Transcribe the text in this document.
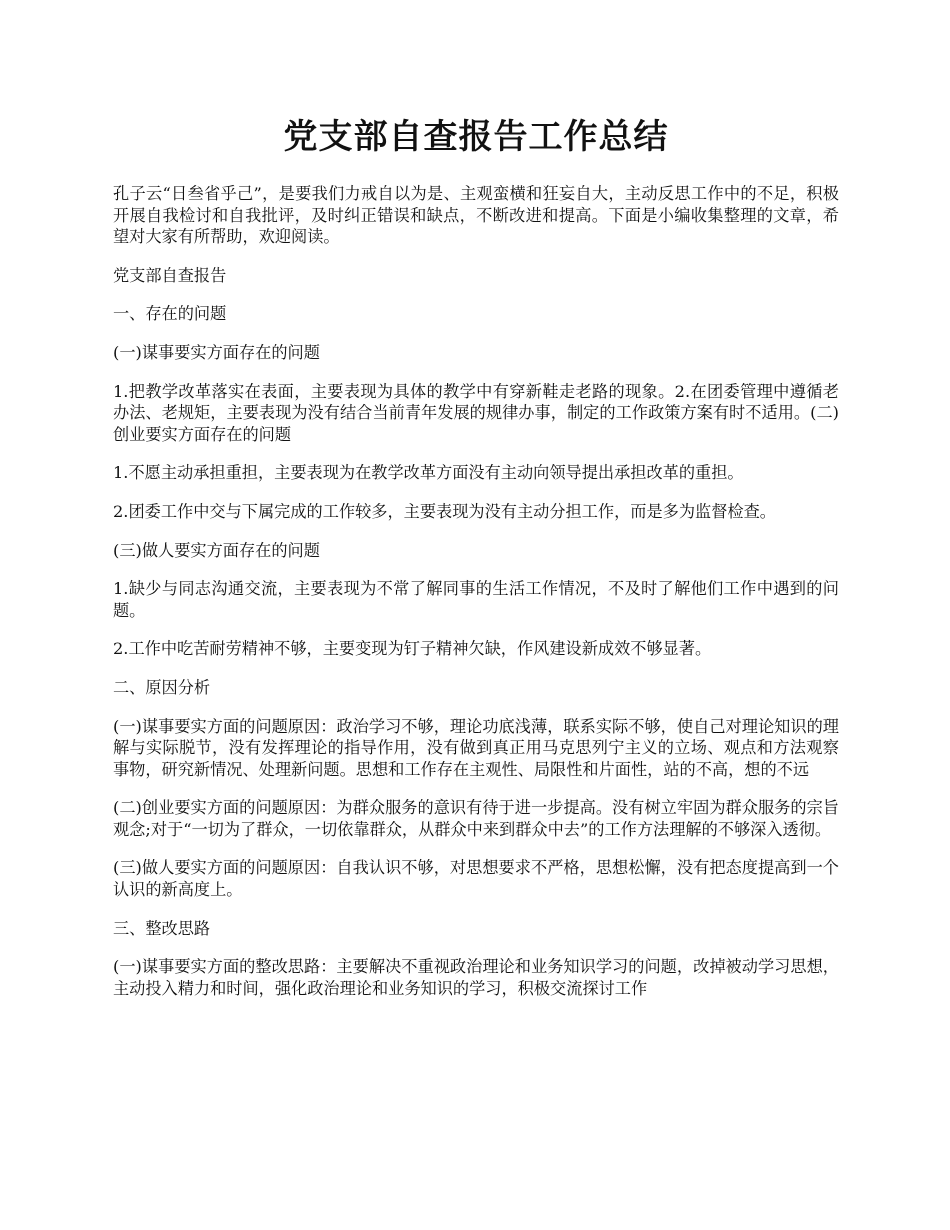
党支部自查报告工作总结

孔子云“日叁省乎己”，是要我们力戒自以为是、主观蛮横和狂妄自大，主动反思工作中的不足，积极开展自我检讨和自我批评，及时纠正错误和缺点，不断改进和提高。下面是小编收集整理的文章，希望对大家有所帮助，欢迎阅读。

党支部自查报告

一、存在的问题

(一)谋事要实方面存在的问题

1.把教学改革落实在表面，主要表现为具体的教学中有穿新鞋走老路的现象。2.在团委管理中遵循老办法、老规矩，主要表现为没有结合当前青年发展的规律办事，制定的工作政策方案有时不适用。(二)创业要实方面存在的问题

1.不愿主动承担重担，主要表现为在教学改革方面没有主动向领导提出承担改革的重担。

2.团委工作中交与下属完成的工作较多，主要表现为没有主动分担工作，而是多为监督检查。

(三)做人要实方面存在的问题

1.缺少与同志沟通交流，主要表现为不常了解同事的生活工作情况，不及时了解他们工作中遇到的问题。

2.工作中吃苦耐劳精神不够，主要变现为钉子精神欠缺，作风建设新成效不够显著。

二、原因分析

(一)谋事要实方面的问题原因：政治学习不够，理论功底浅薄，联系实际不够，使自己对理论知识的理解与实际脱节，没有发挥理论的指导作用，没有做到真正用马克思列宁主义的立场、观点和方法观察事物，研究新情况、处理新问题。思想和工作存在主观性、局限性和片面性，站的不高，想的不远

(二)创业要实方面的问题原因：为群众服务的意识有待于进一步提高。没有树立牢固为群众服务的宗旨观念;对于“一切为了群众，一切依靠群众，从群众中来到群众中去”的工作方法理解的不够深入透彻。

(三)做人要实方面的问题原因：自我认识不够，对思想要求不严格，思想松懈，没有把态度提高到一个认识的新高度上。

三、整改思路

(一)谋事要实方面的整改思路：主要解决不重视政治理论和业务知识学习的问题，改掉被动学习思想，主动投入精力和时间，强化政治理论和业务知识的学习，积极交流探讨工作
